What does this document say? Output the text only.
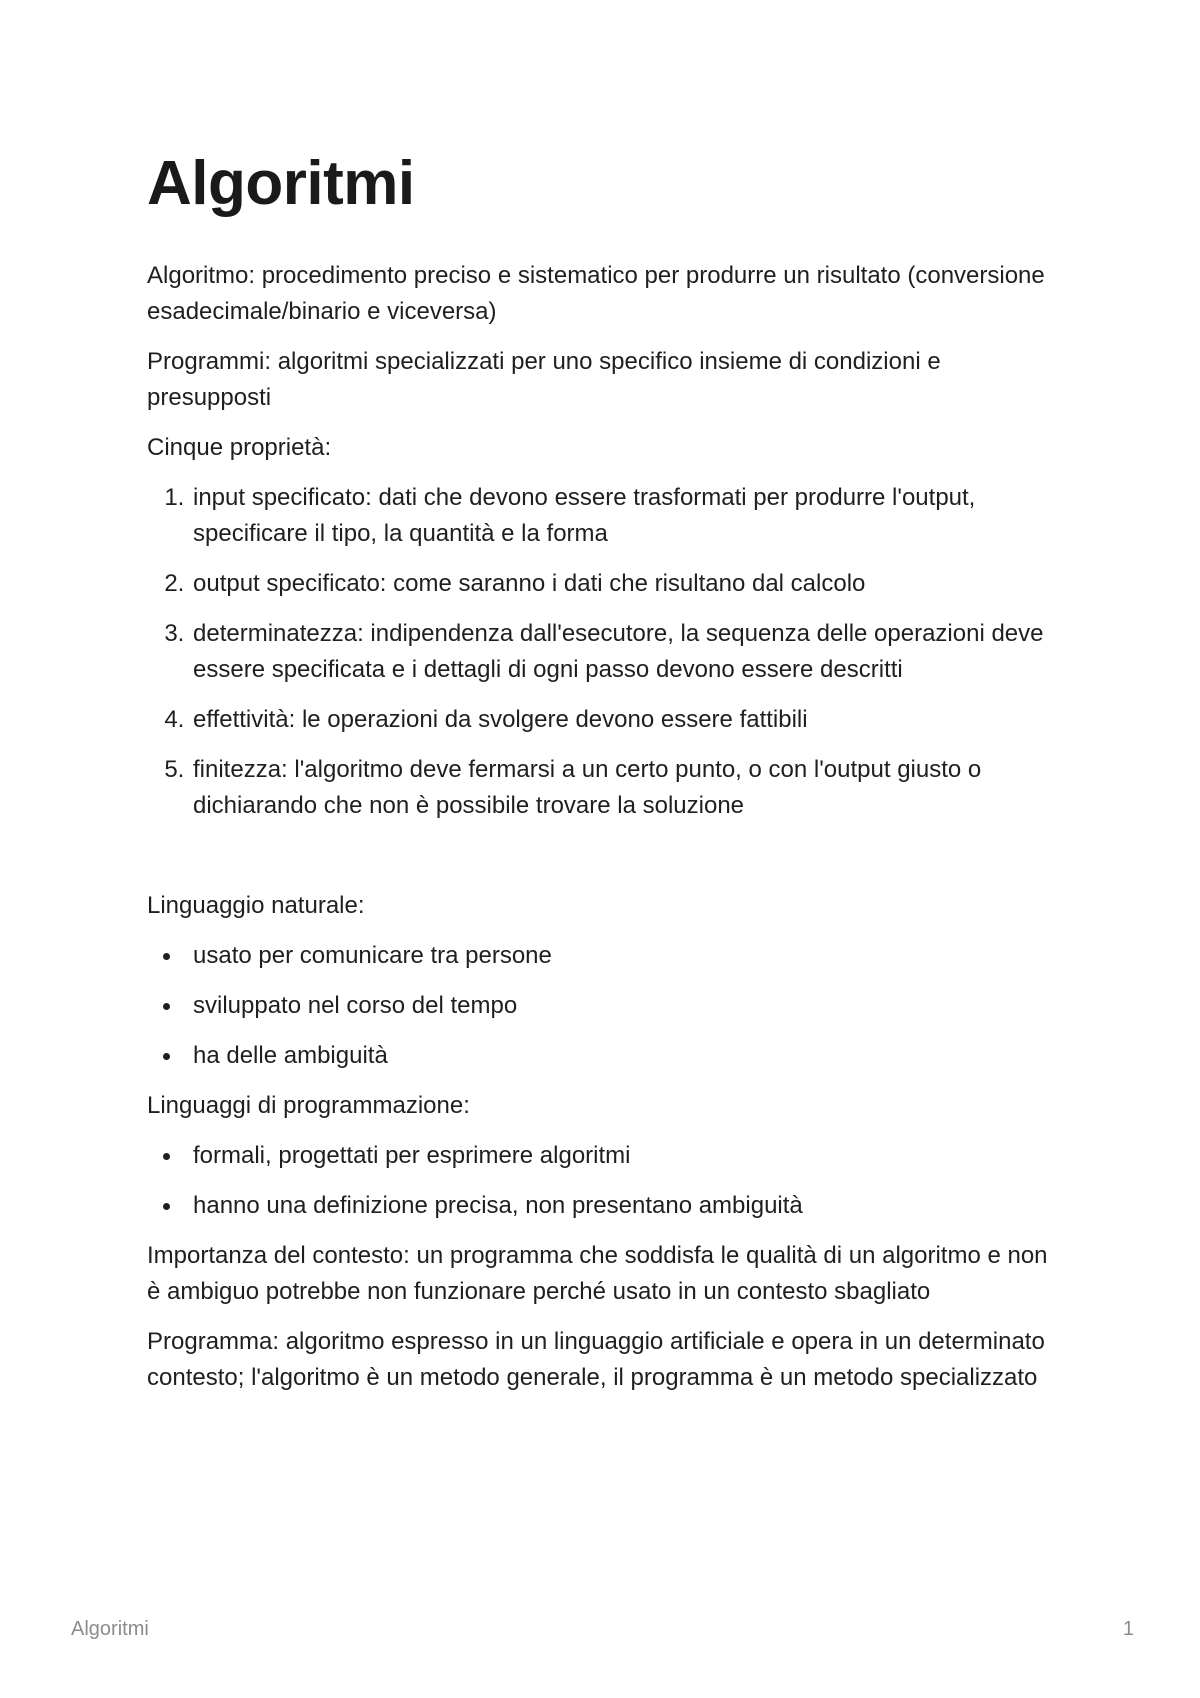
Algoritmi

Algoritmo: procedimento preciso e sistematico per produrre un risultato (conversione esadecimale/binario e viceversa)

Programmi: algoritmi specializzati per uno specifico insieme di condizioni e presupposti

Cinque proprietà:

1. input specificato: dati che devono essere trasformati per produrre l'output, specificare il tipo, la quantità e la forma
2. output specificato: come saranno i dati che risultano dal calcolo
3. determinatezza: indipendenza dall'esecutore, la sequenza delle operazioni deve essere specificata e i dettagli di ogni passo devono essere descritti
4. effettività: le operazioni da svolgere devono essere fattibili
5. finitezza: l'algoritmo deve fermarsi a un certo punto, o con l'output giusto o dichiarando che non è possibile trovare la soluzione

Linguaggio naturale:

usato per comunicare tra persone
sviluppato nel corso del tempo
ha delle ambiguità

Linguaggi di programmazione:

formali, progettati per esprimere algoritmi
hanno una definizione precisa, non presentano ambiguità

Importanza del contesto: un programma che soddisfa le qualità di un algoritmo e non è ambiguo potrebbe non funzionare perché usato in un contesto sbagliato

Programma: algoritmo espresso in un linguaggio artificiale e opera in un determinato contesto; l'algoritmo è un metodo generale, il programma è un metodo specializzato

Algoritmi	1
